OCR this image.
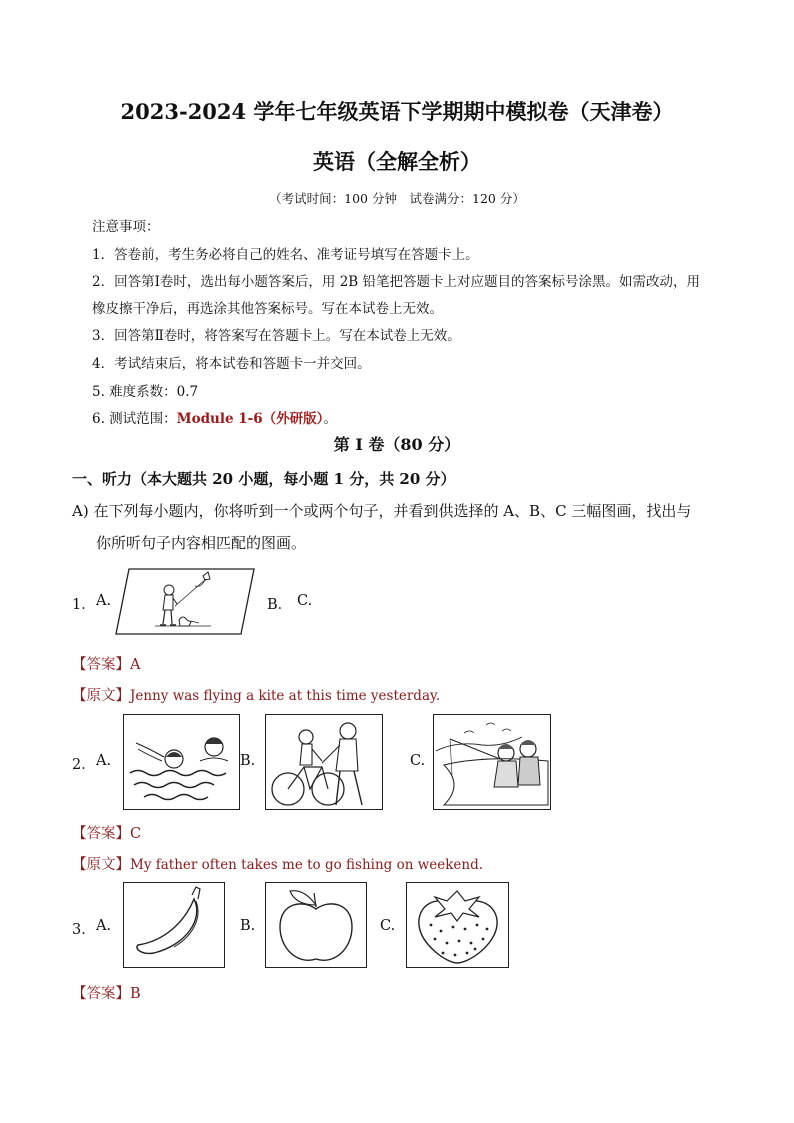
2023-2024 学年七年级英语下学期期中模拟卷（天津卷）
英语（全解全析）
（考试时间：100 分钟　试卷满分：120 分）
注意事项：
1．答卷前，考生务必将自己的姓名、准考证号填写在答题卡上。
2．回答第Ⅰ卷时，选出每小题答案后，用 2B 铅笔把答题卡上对应题目的答案标号涂黑。如需改动，用
橡皮擦干净后，再选涂其他答案标号。写在本试卷上无效。
3．回答第Ⅱ卷时，将答案写在答题卡上。写在本试卷上无效。
4．考试结束后，将本试卷和答题卡一并交回。
5. 难度系数：0.7
6. 测试范围：Module 1-6（外研版）。
第 I 卷（80 分）
一、听力（本大题共 20 小题，每小题 1 分，共 20 分）
A) 在下列每小题内，你将听到一个或两个句子，并看到供选择的 A、B、C 三幅图画，找出与
你所听句子内容相匹配的图画。
1． A.	B． C.
【答案】A
【原文】Jenny was flying a kite at this time yesterday.
2． A.	B.	C.
【答案】C
【原文】My father often takes me to go fishing on weekend.
3． A.	B.	C.
【答案】B
